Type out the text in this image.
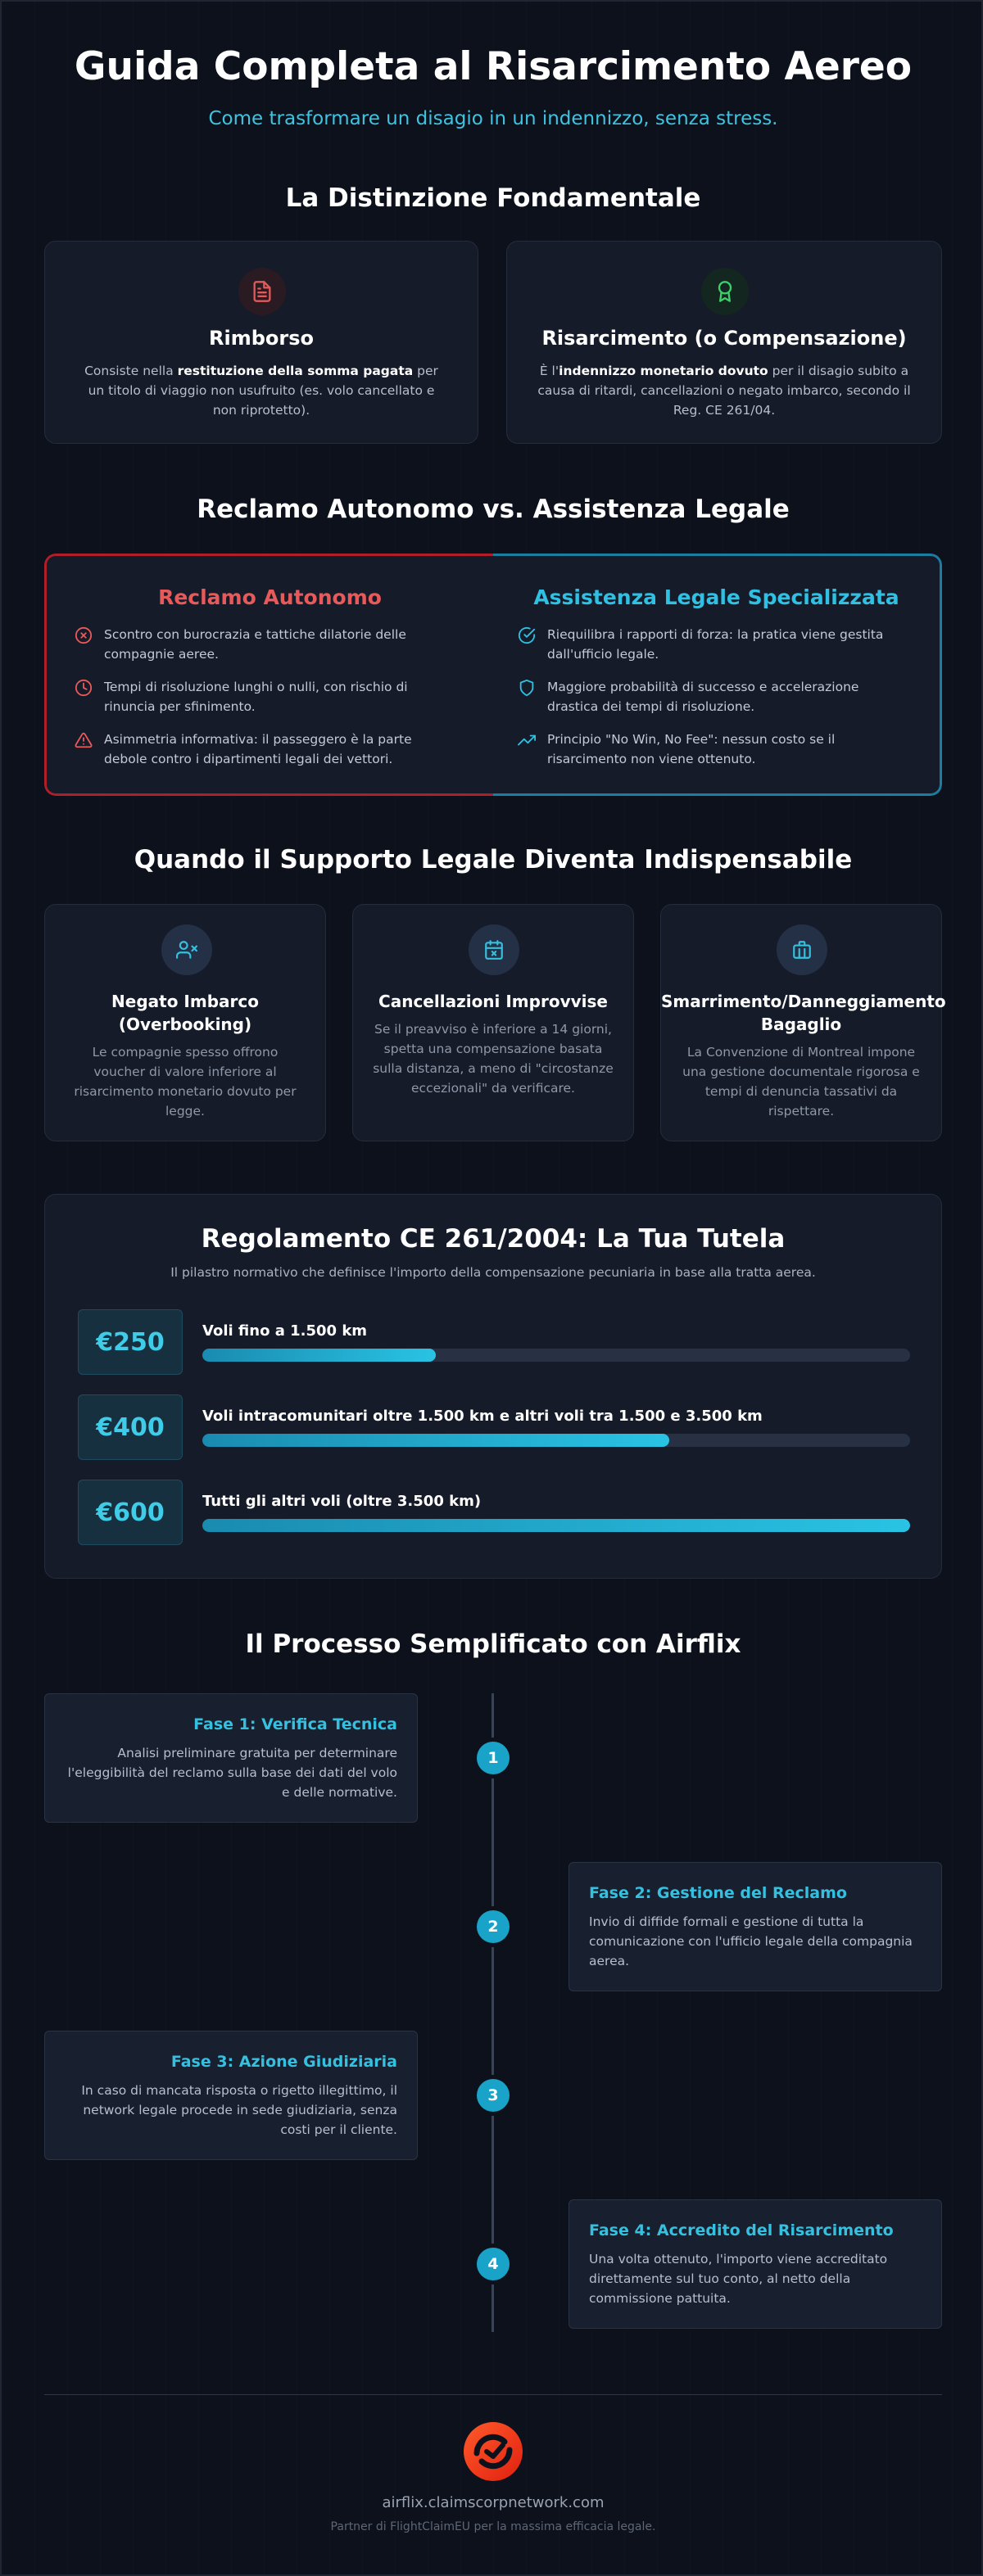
Guida Completa al Risarcimento Aereo
Come trasformare un disagio in un indennizzo, senza stress.
La Distinzione Fondamentale
Rimborso
Consiste nella restituzione della somma pagata per un titolo di viaggio non usufruito (es. volo cancellato e non riprotetto).
Risarcimento (o Compensazione)
È l'indennizzo monetario dovuto per il disagio subito a causa di ritardi, cancellazioni o negato imbarco, secondo il Reg. CE 261/04.
Reclamo Autonomo vs. Assistenza Legale
Reclamo Autonomo
Scontro con burocrazia e tattiche dilatorie delle compagnie aeree.
Tempi di risoluzione lunghi o nulli, con rischio di rinuncia per sfinimento.
Asimmetria informativa: il passeggero è la parte debole contro i dipartimenti legali dei vettori.
Assistenza Legale Specializzata
Riequilibra i rapporti di forza: la pratica viene gestita dall'ufficio legale.
Maggiore probabilità di successo e accelerazione drastica dei tempi di risoluzione.
Principio "No Win, No Fee": nessun costo se il risarcimento non viene ottenuto.
Quando il Supporto Legale Diventa Indispensabile
Negato Imbarco
(Overbooking)
Le compagnie spesso offrono voucher di valore inferiore al risarcimento monetario dovuto per legge.
Cancellazioni Improvvise
Se il preavviso è inferiore a 14 giorni, spetta una compensazione basata sulla distanza, a meno di "circostanze eccezionali" da verificare.
Smarrimento/Danneggiamento
Bagaglio
La Convenzione di Montreal impone una gestione documentale rigorosa e tempi di denuncia tassativi da rispettare.
Regolamento CE 261/2004: La Tua Tutela
Il pilastro normativo che definisce l'importo della compensazione pecuniaria in base alla tratta aerea.
€250	Voli fino a 1.500 km
€400	Voli intracomunitari oltre 1.500 km e altri voli tra 1.500 e 3.500 km
€600	Tutti gli altri voli (oltre 3.500 km)
Il Processo Semplificato con Airflix
Fase 1: Verifica Tecnica
Analisi preliminare gratuita per determinare l'eleggibilità del reclamo sulla base dei dati del volo e delle normative.
1
Fase 2: Gestione del Reclamo
Invio di diffide formali e gestione di tutta la comunicazione con l'ufficio legale della compagnia aerea.
2
Fase 3: Azione Giudiziaria
In caso di mancata risposta o rigetto illegittimo, il network legale procede in sede giudiziaria, senza costi per il cliente.
3
Fase 4: Accredito del Risarcimento
Una volta ottenuto, l'importo viene accreditato direttamente sul tuo conto, al netto della commissione pattuita.
4
airflix.claimscorpnetwork.com
Partner di FlightClaimEU per la massima efficacia legale.
